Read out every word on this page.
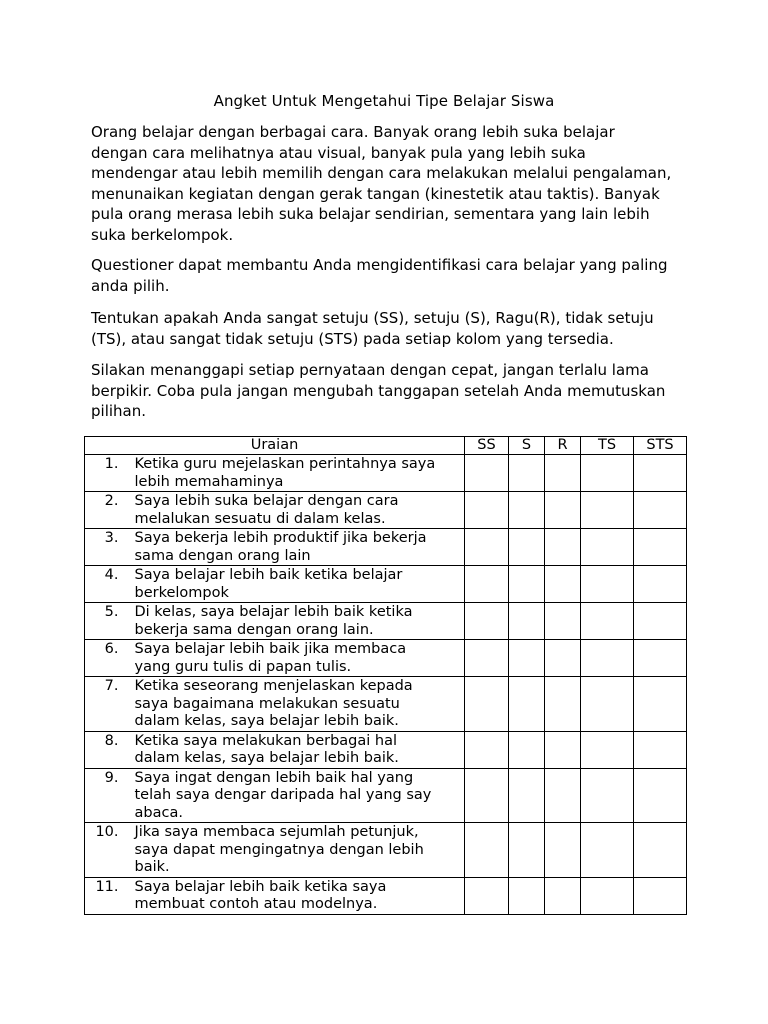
Angket Untuk Mengetahui Tipe Belajar Siswa

Orang belajar dengan berbagai cara. Banyak orang lebih suka belajar
dengan cara melihatnya atau visual, banyak pula yang lebih suka
mendengar atau lebih memilih dengan cara melakukan melalui pengalaman,
menunaikan kegiatan dengan gerak tangan (kinestetik atau taktis). Banyak
pula orang merasa lebih suka belajar sendirian, sementara yang lain lebih
suka berkelompok.

Questioner dapat membantu Anda mengidentifikasi cara belajar yang paling
anda pilih.

Tentukan apakah Anda sangat setuju (SS), setuju (S), Ragu(R), tidak setuju
(TS), atau sangat tidak setuju (STS) pada setiap kolom yang tersedia.

Silakan menanggapi setiap pernyataan dengan cepat, jangan terlalu lama
berpikir. Coba pula jangan mengubah tanggapan setelah Anda memutuskan
pilihan.

Uraian		SS	S	R	TS	STS
1.	Ketika guru mejelaskan perintahnya saya
lebih memahaminya					
2.	Saya lebih suka belajar dengan cara
melalukan sesuatu di dalam kelas.					
3.	Saya bekerja lebih produktif jika bekerja
sama dengan orang lain					
4.	Saya belajar lebih baik ketika belajar
berkelompok					
5.	Di kelas, saya belajar lebih baik ketika
bekerja sama dengan orang lain.					
6.	Saya belajar lebih baik jika membaca
yang guru tulis di papan tulis.					
7.	Ketika seseorang menjelaskan kepada
saya bagaimana melakukan sesuatu
dalam kelas, saya belajar lebih baik.					
8.	Ketika saya melakukan berbagai hal
dalam kelas, saya belajar lebih baik.					
9.	Saya ingat dengan lebih baik hal yang
telah saya dengar daripada hal yang say
abaca.					
10.	Jika saya membaca sejumlah petunjuk,
saya dapat mengingatnya dengan lebih
baik.					
11.	Saya belajar lebih baik ketika saya
membuat contoh atau modelnya.					
